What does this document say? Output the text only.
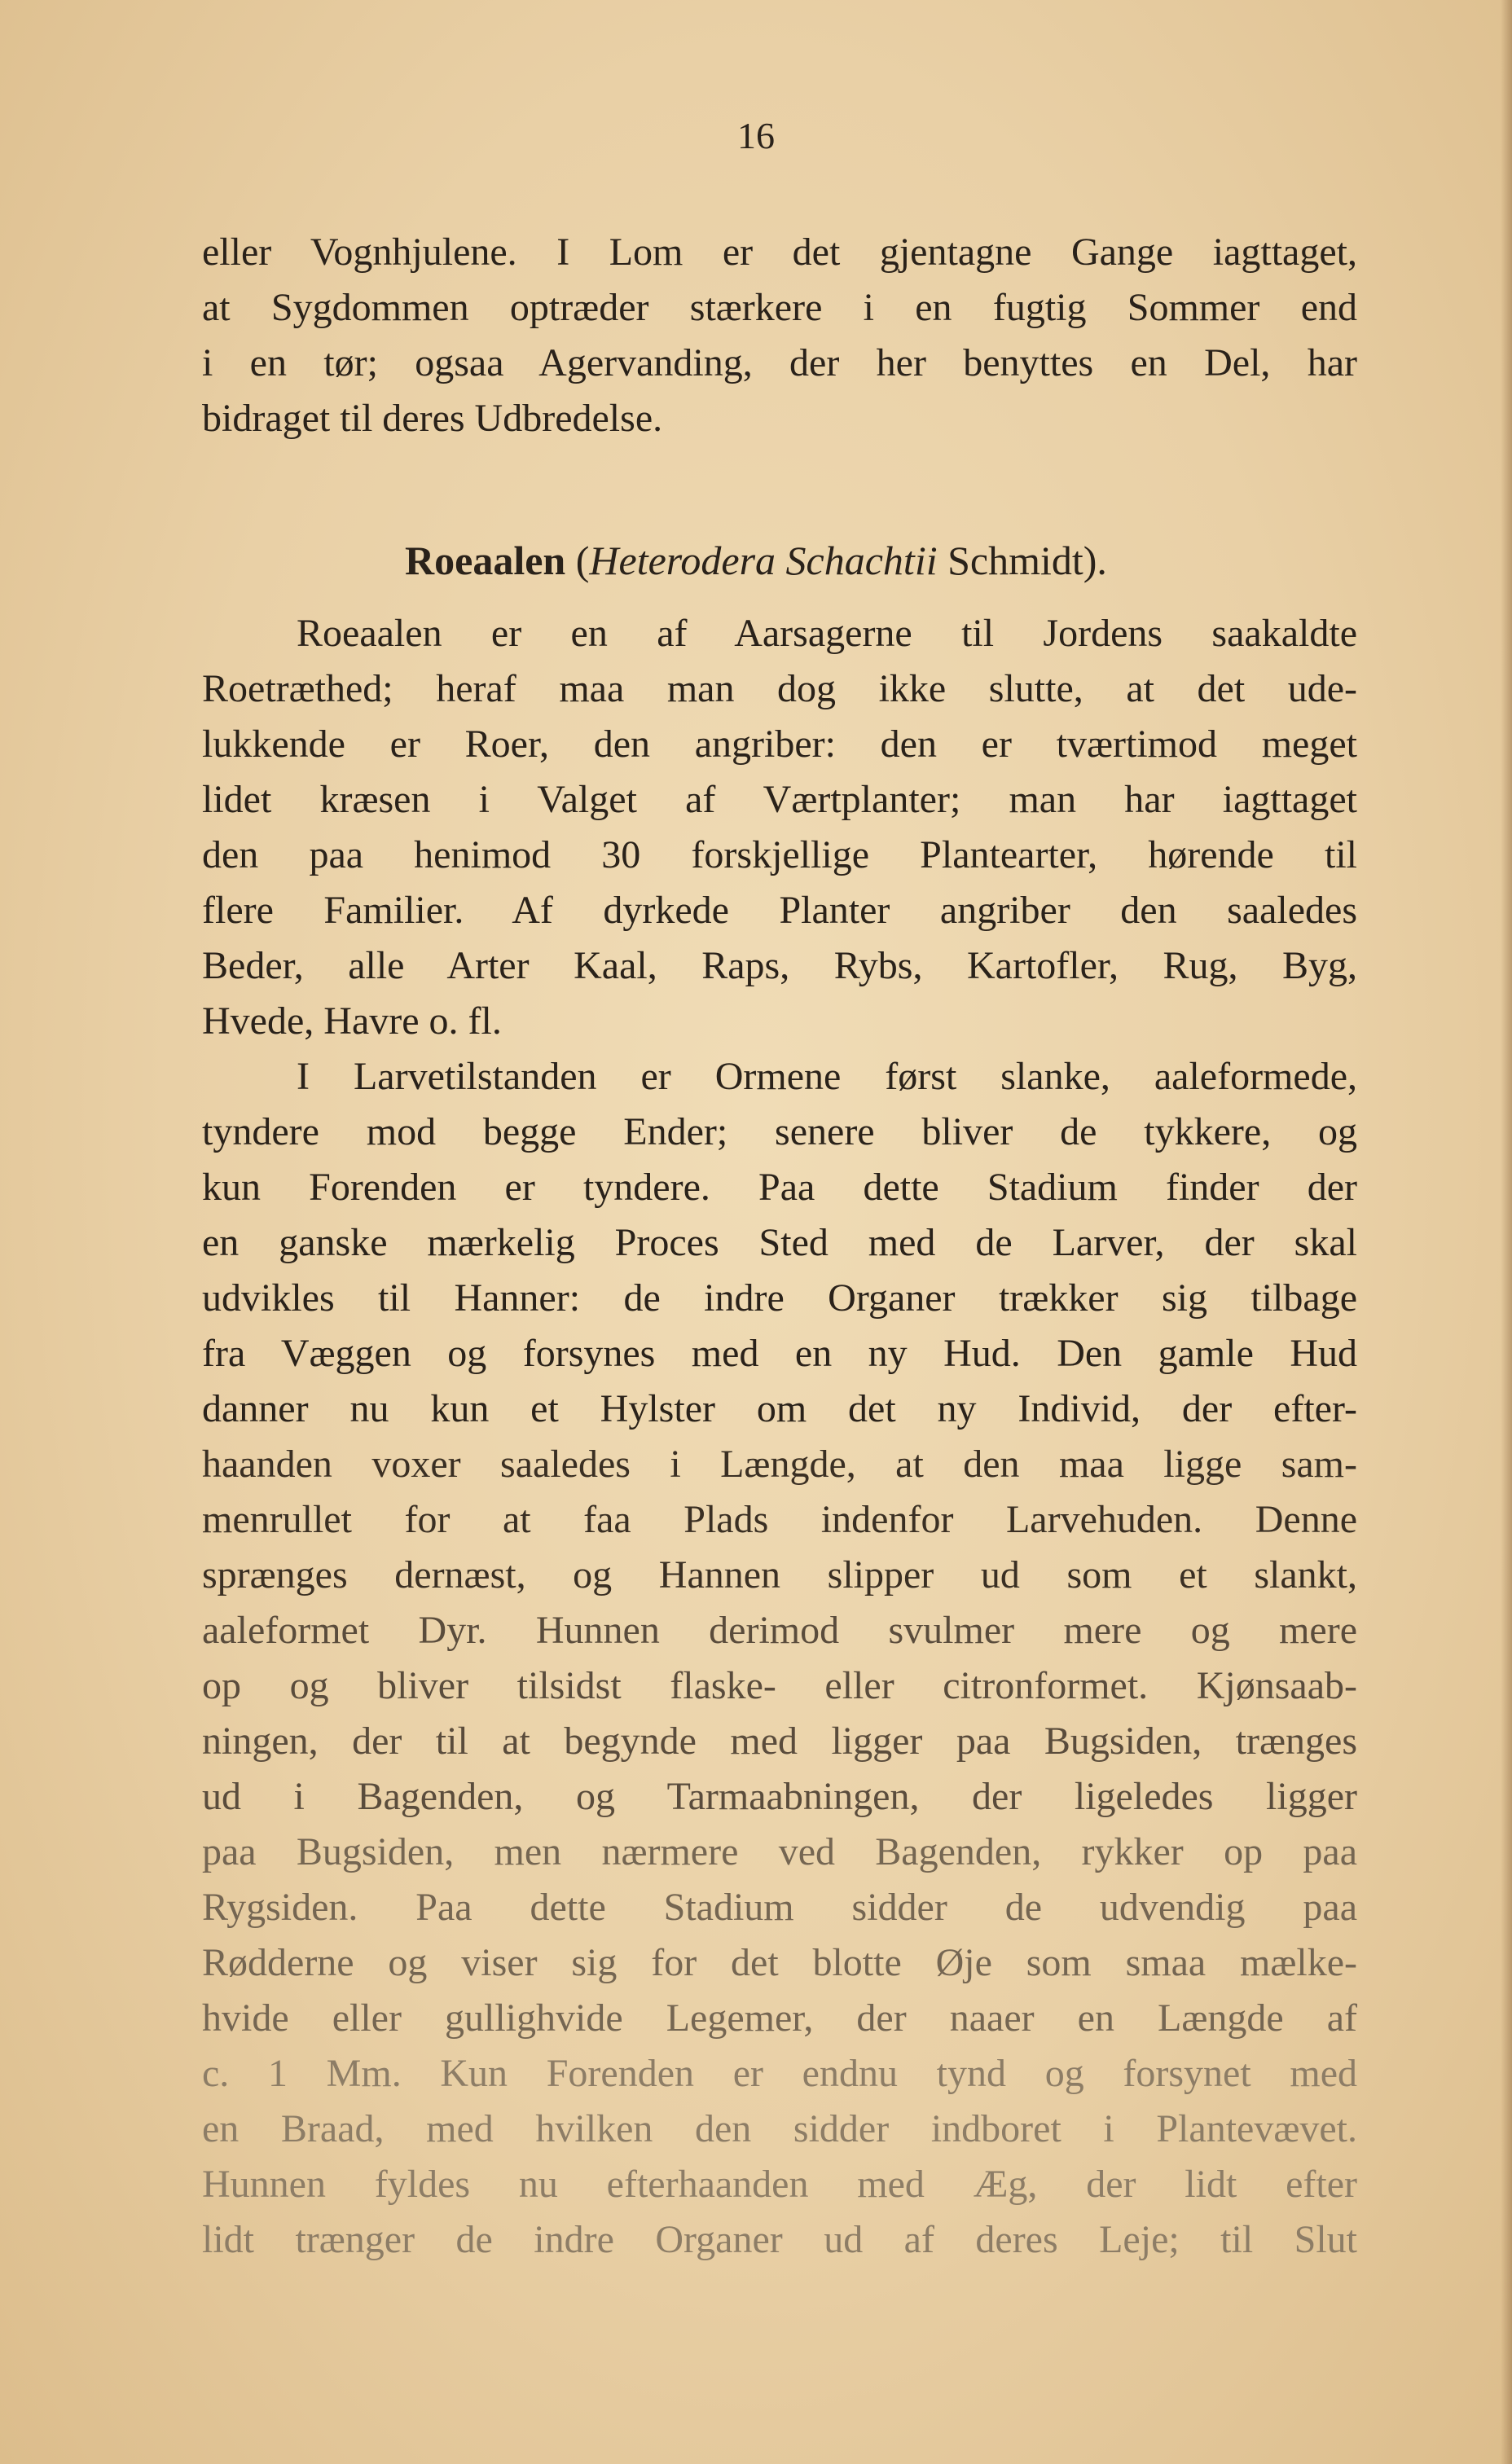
16
eller Vognhjulene. I Lom er det gjentagne Gange iagttaget,
at Sygdommen optræder stærkere i en fugtig Sommer end
i en tør; ogsaa Agervanding, der her benyttes en Del, har
bidraget til deres Udbredelse.
Roeaalen (Heterodera Schachtii Schmidt).
Roeaalen er en af Aarsagerne til Jordens saakaldte
Roetræthed; heraf maa man dog ikke slutte, at det ude-
lukkende er Roer, den angriber: den er tværtimod meget
lidet kræsen i Valget af Værtplanter; man har iagttaget
den paa henimod 30 forskjellige Plantearter, hørende til
flere Familier. Af dyrkede Planter angriber den saaledes
Beder, alle Arter Kaal, Raps, Rybs, Kartofler, Rug, Byg,
Hvede, Havre o. fl.
I Larvetilstanden er Ormene først slanke, aaleformede,
tyndere mod begge Ender; senere bliver de tykkere, og
kun Forenden er tyndere. Paa dette Stadium finder der
en ganske mærkelig Proces Sted med de Larver, der skal
udvikles til Hanner: de indre Organer trækker sig tilbage
fra Væggen og forsynes med en ny Hud. Den gamle Hud
danner nu kun et Hylster om det ny Individ, der efter-
haanden voxer saaledes i Længde, at den maa ligge sam-
menrullet for at faa Plads indenfor Larvehuden. Denne
sprænges dernæst, og Hannen slipper ud som et slankt,
aaleformet Dyr. Hunnen derimod svulmer mere og mere
op og bliver tilsidst flaske- eller citronformet. Kjønsaab-
ningen, der til at begynde med ligger paa Bugsiden, trænges
ud i Bagenden, og Tarmaabningen, der ligeledes ligger
paa Bugsiden, men nærmere ved Bagenden, rykker op paa
Rygsiden. Paa dette Stadium sidder de udvendig paa
Rødderne og viser sig for det blotte Øje som smaa mælke-
hvide eller gullighvide Legemer, der naaer en Længde af
c. 1 Mm. Kun Forenden er endnu tynd og forsynet med
en Braad, med hvilken den sidder indboret i Plantevævet.
Hunnen fyldes nu efterhaanden med Æg, der lidt efter
lidt trænger de indre Organer ud af deres Leje; til Slut
